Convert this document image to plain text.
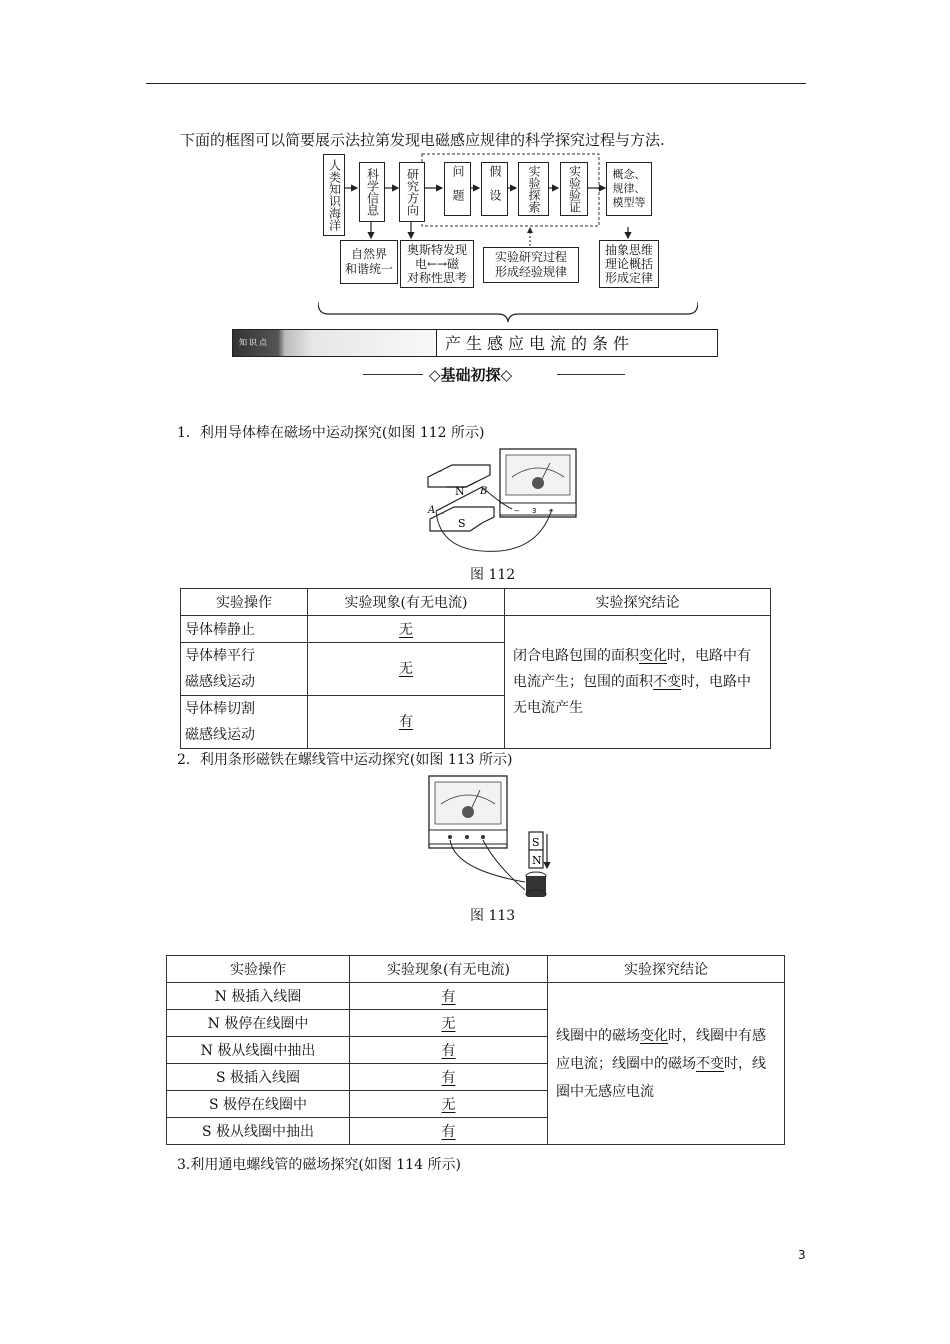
下面的框图可以简要展示法拉第发现电磁感应规律的科学探究过程与方法.
人类知识海洋	科学信息	研究方向	问题	假设	实验探索	实验验证	概念、规律、模型等
自然界
和谐统一
奥斯特发现
电←→磁
对称性思考
实验研究过程
形成经验规律
抽象思维
理论概括
形成定律
知识点	产生感应电流的条件
◇基础初探◇
1．利用导体棒在磁场中运动探究(如图 112 所示)
N
S
A
B
− 3 +
图 112
实验操作	实验现象(有无电流)	实验探究结论
导体棒静止	无	闭合电路包围的面积变化时，电路中有电流产生；包围的面积不变时，电路中无电流产生
导体棒平行
磁感线运动	无	
导体棒切割
磁感线运动	有	
2．利用条形磁铁在螺线管中运动探究(如图 113 所示)
S
N
图 113
实验操作	实验现象(有无电流)	实验探究结论
N 极插入线圈	有	线圈中的磁场变化时，线圈中有感应电流；线圈中的磁场不变时，线圈中无感应电流
N 极停在线圈中	无	
N 极从线圈中抽出	有	
S 极插入线圈	有	
S 极停在线圈中	无	
S 极从线圈中抽出	有	
3.利用通电螺线管的磁场探究(如图 114 所示)
3
